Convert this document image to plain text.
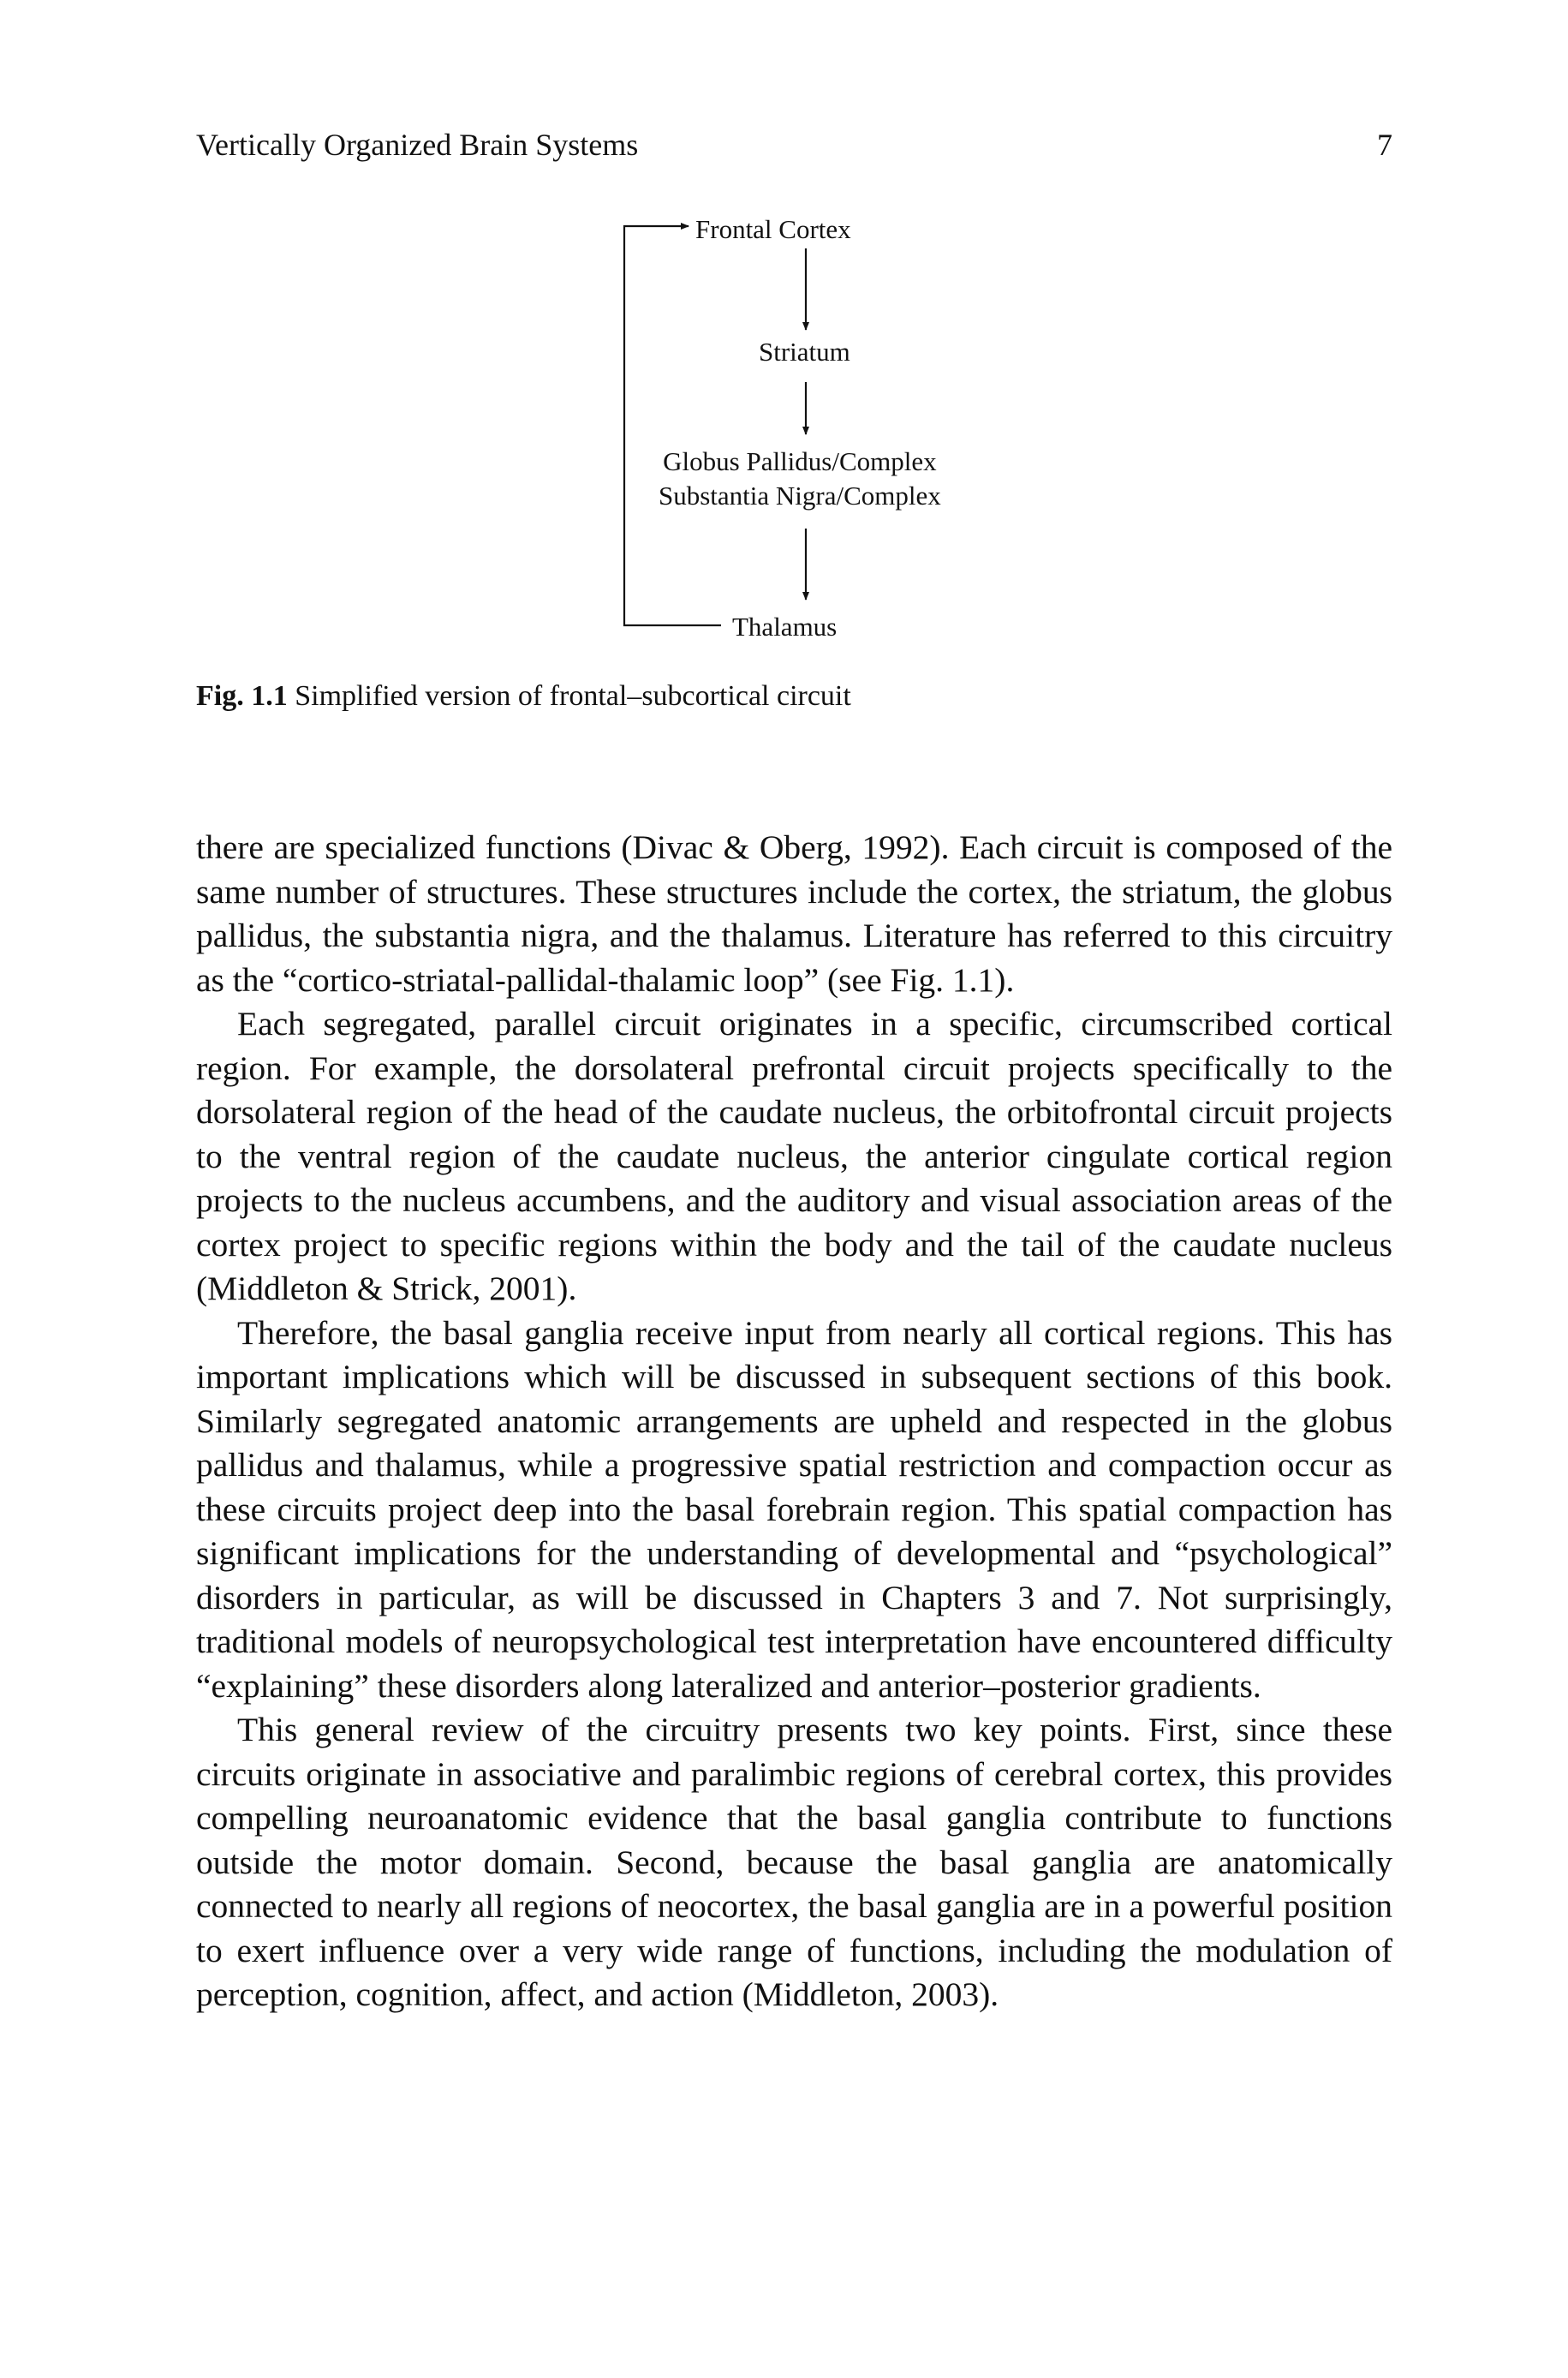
Vertically Organized Brain Systems	7
Frontal Cortex
Striatum
Globus Pallidus/Complex
Substantia Nigra/Complex
Thalamus
Fig. 1.1 Simplified version of frontal–subcortical circuit

there are specialized functions (Divac & Oberg, 1992). Each circuit is composed of the same number of structures. These structures include the cortex, the striatum, the globus pallidus, the substantia nigra, and the thalamus. Literature has referred to this circuitry as the “cortico-striatal-pallidal-thalamic loop” (see Fig. 1.1).

Each segregated, parallel circuit originates in a specific, circumscribed cortical region. For example, the dorsolateral prefrontal circuit projects specifically to the dorsolateral region of the head of the caudate nucleus, the orbitofrontal circuit projects to the ventral region of the caudate nucleus, the anterior cingulate cortical region projects to the nucleus accumbens, and the auditory and visual association areas of the cortex project to specific regions within the body and the tail of the caudate nucleus (Middleton & Strick, 2001).

Therefore, the basal ganglia receive input from nearly all cortical regions. This has important implications which will be discussed in subsequent sections of this book. Similarly segregated anatomic arrangements are upheld and respected in the globus pallidus and thalamus, while a progressive spatial restriction and compaction occur as these circuits project deep into the basal forebrain region. This spatial compaction has significant implications for the understanding of developmental and “psychological” disorders in particular, as will be discussed in Chapters 3 and 7. Not surprisingly, traditional models of neuropsychological test interpretation have encountered difficulty “explaining” these disorders along lateralized and anterior–posterior gradients.

This general review of the circuitry presents two key points. First, since these circuits originate in associative and paralimbic regions of cerebral cortex, this provides compelling neuroanatomic evidence that the basal ganglia contribute to functions outside the motor domain. Second, because the basal ganglia are anatomically connected to nearly all regions of neocortex, the basal ganglia are in a powerful position to exert influence over a very wide range of functions, including the modulation of perception, cognition, affect, and action (Middleton, 2003).
